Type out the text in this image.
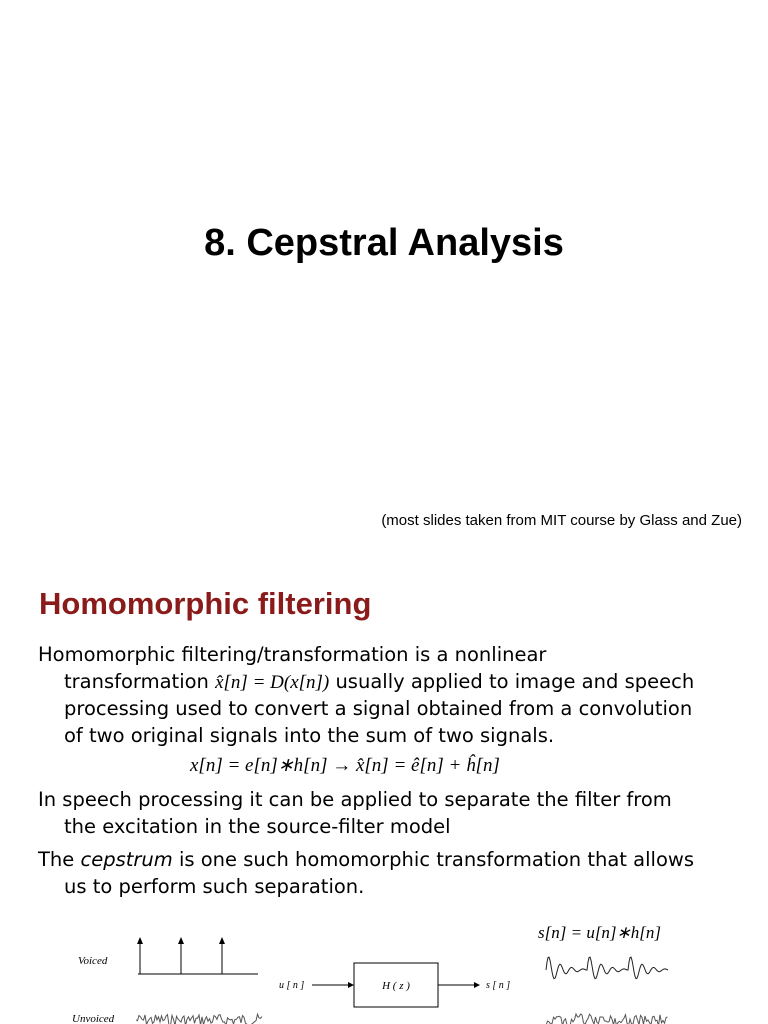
8. Cepstral Analysis
(most slides taken from MIT course by Glass and Zue)
Homomorphic filtering
Homomorphic filtering/transformation is a nonlinear
transformation x̂[n] = D(x[n]) usually applied to image and speech
processing used to convert a signal obtained from a convolution
of two original signals into the sum of two signals.
x[n] = e[n]∗h[n] → x̂[n] = ê[n] + ĥ[n]
In speech processing it can be applied to separate the filter from
the excitation in the source-filter model
The cepstrum is one such homomorphic transformation that allows
us to perform such separation.
Voiced
Unvoiced
u [ n ]	H ( z )	s [ n ]
s[n] = u[n]∗h[n]
